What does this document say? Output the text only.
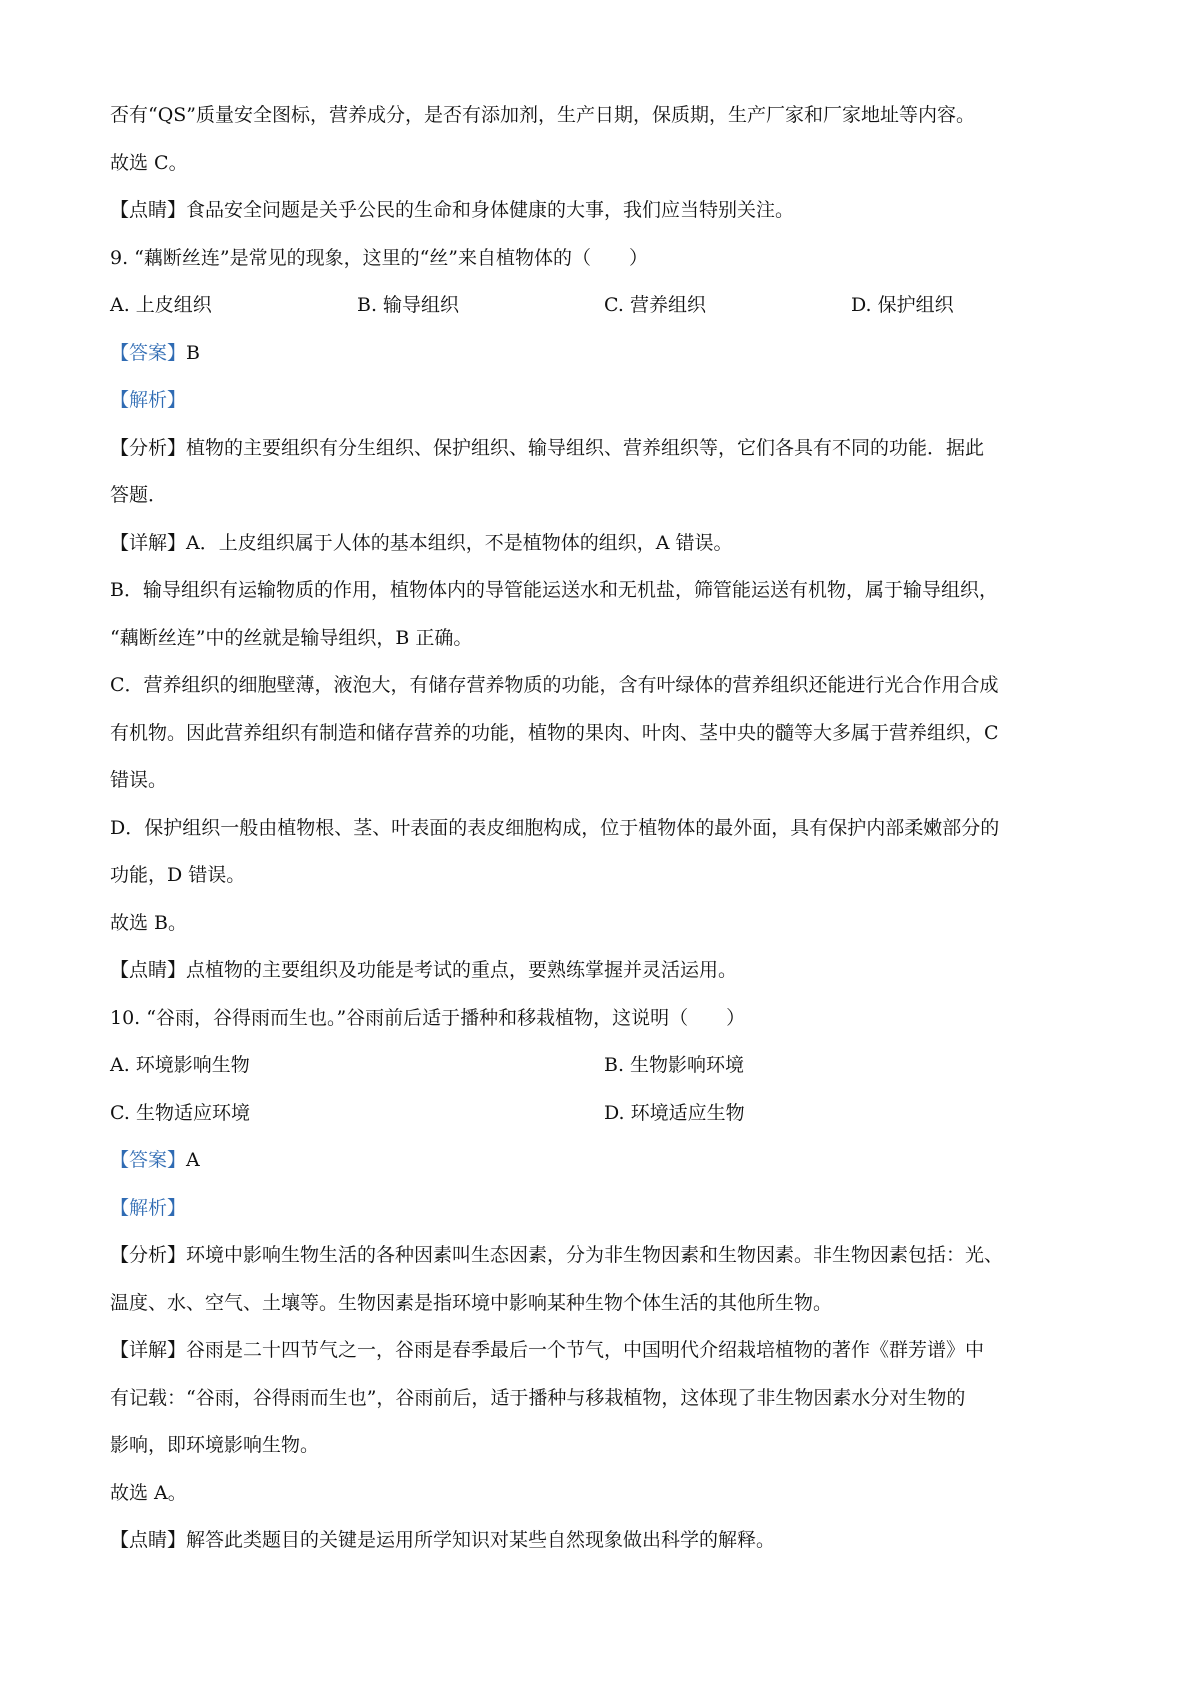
否有“QS”质量安全图标，营养成分，是否有添加剂，生产日期，保质期，生产厂家和厂家地址等内容。
故选 C。
【点睛】食品安全问题是关乎公民的生命和身体健康的大事，我们应当特别关注。
9. “藕断丝连”是常见的现象，这里的“丝”来自植物体的（　　）
A. 上皮组织	B. 输导组织	C. 营养组织	D. 保护组织
【答案】B
【解析】
【分析】植物的主要组织有分生组织、保护组织、输导组织、营养组织等，它们各具有不同的功能．据此
答题．
【详解】A．上皮组织属于人体的基本组织，不是植物体的组织，A 错误。
B．输导组织有运输物质的作用，植物体内的导管能运送水和无机盐，筛管能运送有机物，属于输导组织，
“藕断丝连”中的丝就是输导组织，B 正确。
C．营养组织的细胞壁薄，液泡大，有储存营养物质的功能，含有叶绿体的营养组织还能进行光合作用合成
有机物。因此营养组织有制造和储存营养的功能，植物的果肉、叶肉、茎中央的髓等大多属于营养组织，C
错误。
D．保护组织一般由植物根、茎、叶表面的表皮细胞构成，位于植物体的最外面，具有保护内部柔嫩部分的
功能，D 错误。
故选 B。
【点睛】点植物的主要组织及功能是考试的重点，要熟练掌握并灵活运用。
10. “谷雨，谷得雨而生也。”谷雨前后适于播种和移栽植物，这说明（　　）
A. 环境影响生物	B. 生物影响环境
C. 生物适应环境	D. 环境适应生物
【答案】A
【解析】
【分析】环境中影响生物生活的各种因素叫生态因素，分为非生物因素和生物因素。非生物因素包括：光、
温度、水、空气、土壤等。生物因素是指环境中影响某种生物个体生活的其他所生物。
【详解】谷雨是二十四节气之一，谷雨是春季最后一个节气，中国明代介绍栽培植物的著作《群芳谱》中
有记载：“谷雨，谷得雨而生也”，谷雨前后，适于播种与移栽植物，这体现了非生物因素水分对生物的
影响，即环境影响生物。
故选 A。
【点睛】解答此类题目的关键是运用所学知识对某些自然现象做出科学的解释。
